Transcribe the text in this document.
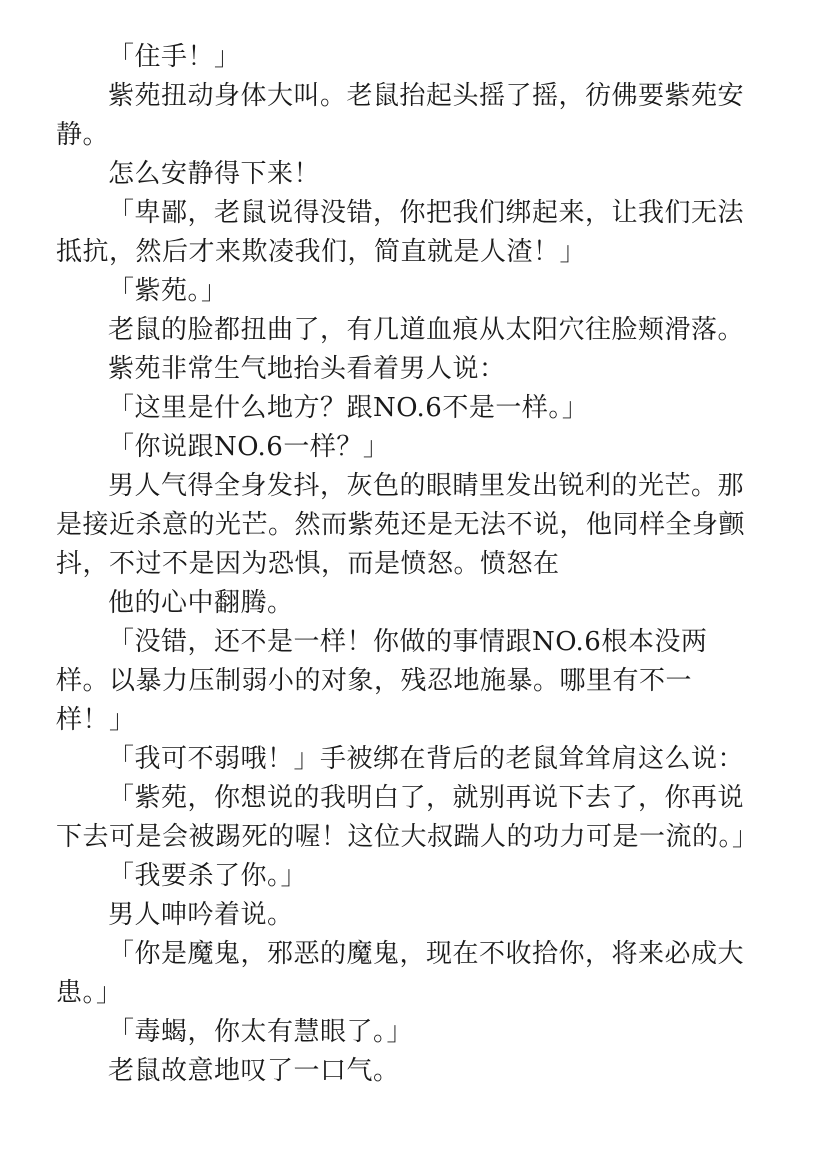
「住手！」

紫苑扭动身体大叫。老鼠抬起头摇了摇，彷佛要紫苑安静。

怎么安静得下来！

「卑鄙，老鼠说得没错，你把我们绑起来，让我们无法抵抗，然后才来欺凌我们，简直就是人渣！」

「紫苑。」

老鼠的脸都扭曲了，有几道血痕从太阳穴往脸颊滑落。

紫苑非常生气地抬头看着男人说：

「这里是什么地方？跟NO.6不是一样。」

「你说跟NO.6一样？」

男人气得全身发抖，灰色的眼睛里发出锐利的光芒。那是接近杀意的光芒。然而紫苑还是无法不说，他同样全身颤抖，不过不是因为恐惧，而是愤怒。愤怒在

他的心中翻腾。

「没错，还不是一样！你做的事情跟NO.6根本没两样。以暴力压制弱小的对象，残忍地施暴。哪里有不一样！」

「我可不弱哦！」手被绑在背后的老鼠耸耸肩这么说：

「紫苑，你想说的我明白了，就别再说下去了，你再说下去可是会被踢死的喔！这位大叔踹人的功力可是一流的。」

「我要杀了你。」

男人呻吟着说。

「你是魔鬼，邪恶的魔鬼，现在不收拾你，将来必成大患。」

「毒蝎，你太有慧眼了。」

老鼠故意地叹了一口气。
